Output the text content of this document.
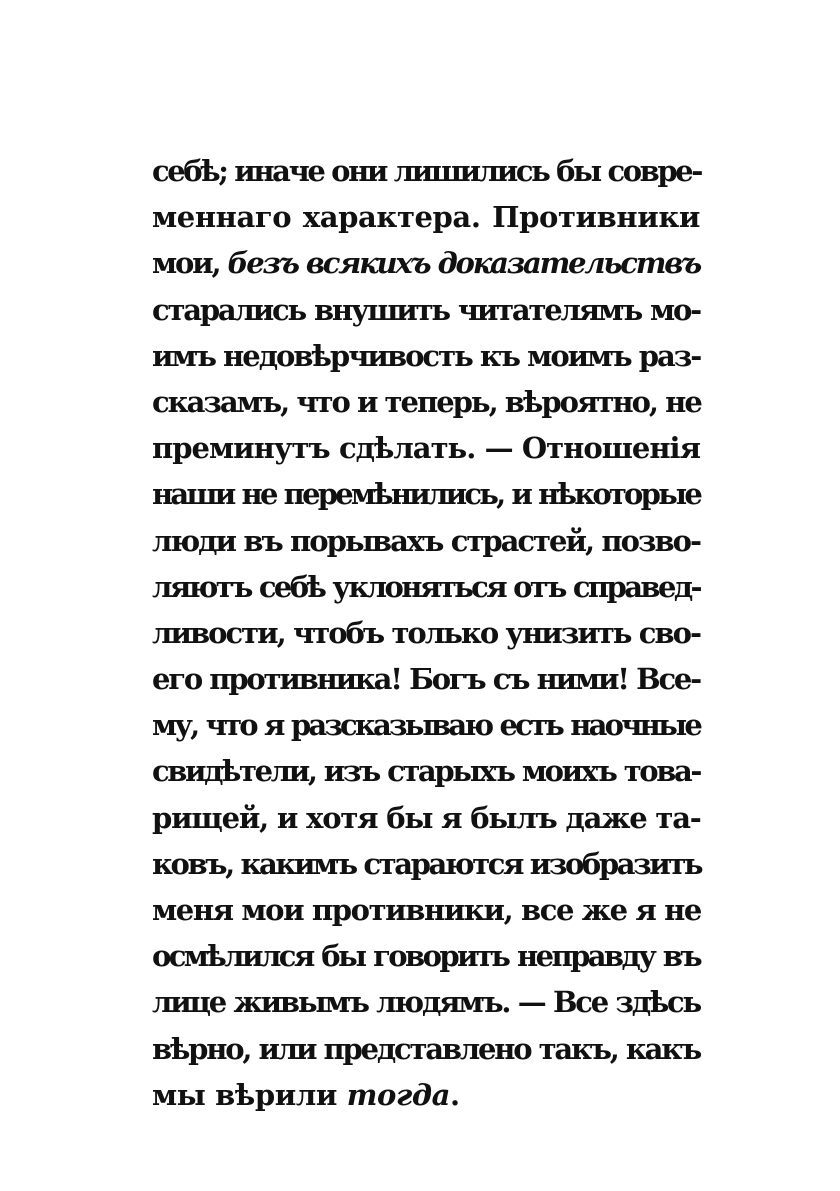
себѣ; иначе они лишились бы совре-
меннаго характера. Противники
мои, безъ всякихъ доказательствъ
старались внушить читателямъ мо-
имъ недовѣрчивость къ моимъ раз-
сказамъ, что и теперь, вѣроятно, не
преминутъ сдѣлать. — Отношенія
наши не перемѣнились, и нѣкоторые
люди въ порывахъ страстей, позво-
ляютъ себѣ уклоняться отъ справед-
ливости, чтобъ только унизить сво-
его противника! Богъ съ ними! Все-
му, что я разсказываю есть наочные
свидѣтели, изъ старыхъ моихъ това-
рищей, и хотя бы я былъ даже та-
ковъ, какимъ стараются изобразить
меня мои противники, все же я не
осмѣлился бы говорить неправду въ
лице живымъ людямъ. — Все здѣсь
вѣрно, или представлено такъ, какъ
мы вѣрили тогда.
